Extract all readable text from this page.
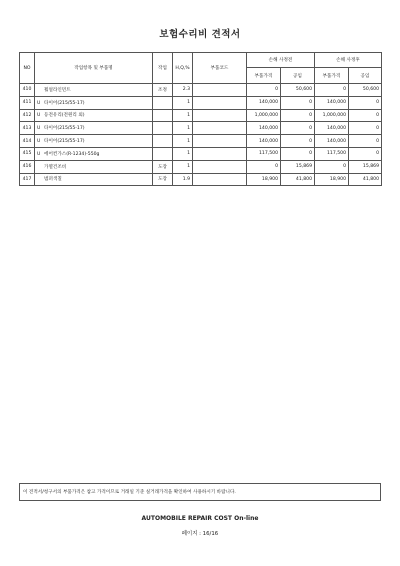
보험수리비 견적서
NO	작업항목 및 부품명	작업	H,Q,%	부품코드	손해 사정전		손해 사정후	
					부품가격	공임	부품가격	공임
410	휠얼라인먼트	조정	2.3		0	50,600	0	50,600
411	U 타이어(215/55-17)		1		140,000	0	140,000	0
412	U 등전유리(전원리 외)		1		1,000,000	0	1,000,000	0
413	U 타이어(215/55-17)		1		140,000	0	140,000	0
414	U 타이어(215/55-17)		1		140,000	0	140,000	0
415	U 에어컨가스(R-1234)-550g		1		117,500	0	117,500	0
416	가열건조비	도장	1		0	15,869	0	15,869
417	범퍼색칠	도장	1.9		18,900	41,800	18,900	41,800
이 견적서/청구서의 부품가격은 참고 가격이므로 거래일 기준 실거래가격을 확인하여 사용하시기 바랍니다.
AUTOMOBILE REPAIR COST On-line
페이지 : 16/16
